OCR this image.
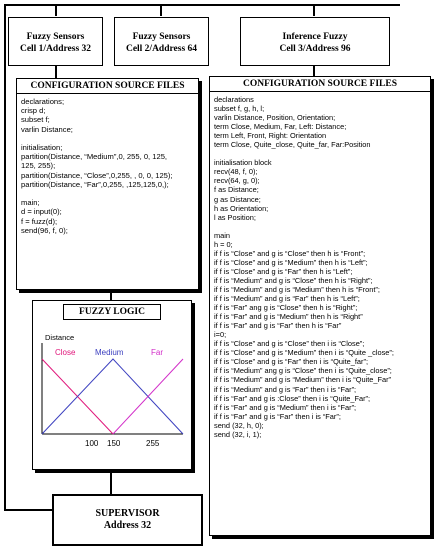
Fuzzy Sensors
Cell 1/Address 32
Fuzzy Sensors
Cell 2/Address 64
Inference Fuzzy
Cell 3/Address 96
CONFIGURATION SOURCE FILES
declarations;
crisp d;
subset f;
varlin Distance;

initialisation;
partition(Distance, “Medium”,0, 255, 0, 125,
125, 255);
partition(Distance, “Close”,0,255, , 0, 0, 125);
partition(Distance, “Far”,0,255, ,125,125,0,);

main;
d = input(0);
f = fuzz(d);
send(96, f, 0);
CONFIGURATION SOURCE FILES
declarations
subset f, g, h, l;
varlin Distance, Position, Orientation;
term Close, Medium, Far, Left: Distance;
term Left, Front, Right: Orientation
term Close, Quite_close, Quite_far, Far:Position

initialisation block
recv(48, f, 0);
recv(64, g, 0);
f as Distance;
g as Distance;
h as Orientation;
l as Position;

main
h = 0;
if f is “Close” and g is “Close” then h is “Front”;
if f is “Close” and g is “Medium” then h is “Left”;
if f is “Close” and g is “Far” then h is “Left”;
if f is “Medium” and g is “Close” then h is “Right”;
if f is “Medium” and g is “Medium” then h is “Front”;
if f is “Medium” and g is “Far” then h is “Left”;
if f is “Far” ang g is “Close” then h is “Right”;
if f is “Far” and g is “Medium” then h is “Right”
if f is “Far” and g is “Far” then h is “Far”
i=0;
if f is “Close” and g is “Close” then i is “Close”;
if f is “Close” and g is “Medium” then i is “Quite _close”;
if f is “Close” and g is “Far” then i is “Quite_far”;
if f is “Medium” ang g is “Close” then i is “Quite_close”;
if f is “Medium” and g is “Medium” then i is “Quite_Far”
if f is “Medium” and g is “Far” then i is “Far”;
if f is “Far” and g is :Close” then i is “Quite_Far”;
if f is “Far” and g is “Medium” then i is “Far”;
if f is “Far” and g is “Far” then i is “Far”;
send (32, h, 0);
send (32, i, 1);
FUZZY LOGIC
Distance
Close Medium	Far
100 150	255
SUPERVISOR
Address 32
